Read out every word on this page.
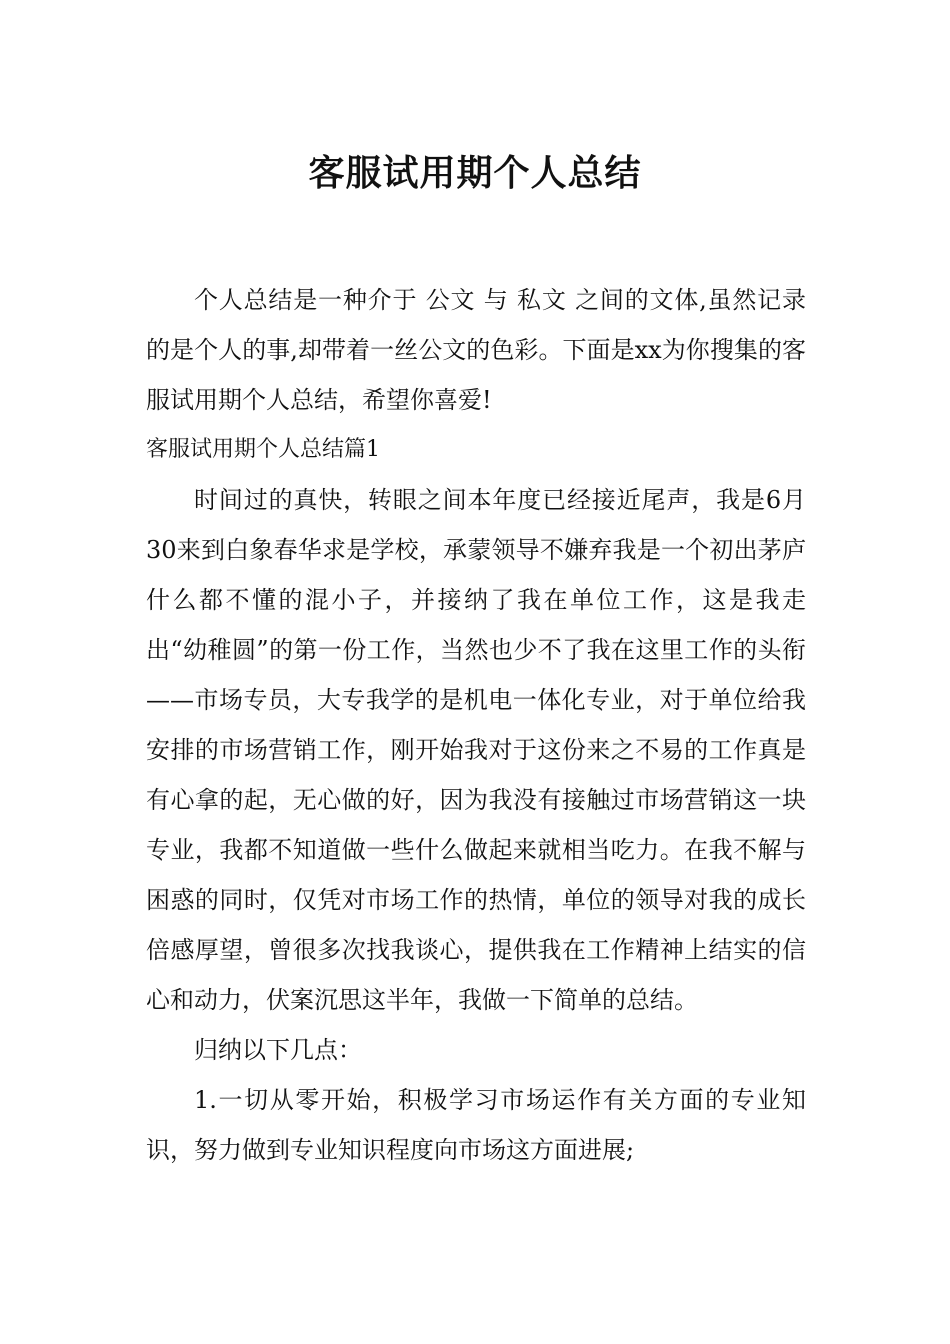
客服试用期个人总结

个人总结是一种介于 公文 与 私文 之间的文体,虽然记录的是个人的事,却带着一丝公文的色彩。下面是xx为你搜集的客服试用期个人总结，希望你喜爱!

客服试用期个人总结篇1

时间过的真快，转眼之间本年度已经接近尾声，我是6月30来到白象春华求是学校，承蒙领导不嫌弃我是一个初出茅庐什么都不懂的混小子，并接纳了我在单位工作，这是我走出“幼稚圆”的第一份工作，当然也少不了我在这里工作的头衔——市场专员，大专我学的是机电一体化专业，对于单位给我安排的市场营销工作，刚开始我对于这份来之不易的工作真是有心拿的起，无心做的好，因为我没有接触过市场营销这一块专业，我都不知道做一些什么做起来就相当吃力。在我不解与困惑的同时，仅凭对市场工作的热情，单位的领导对我的成长倍感厚望，曾很多次找我谈心，提供我在工作精神上结实的信心和动力，伏案沉思这半年，我做一下简单的总结。

归纳以下几点：

1.一切从零开始，积极学习市场运作有关方面的专业知识，努力做到专业知识程度向市场这方面进展;
